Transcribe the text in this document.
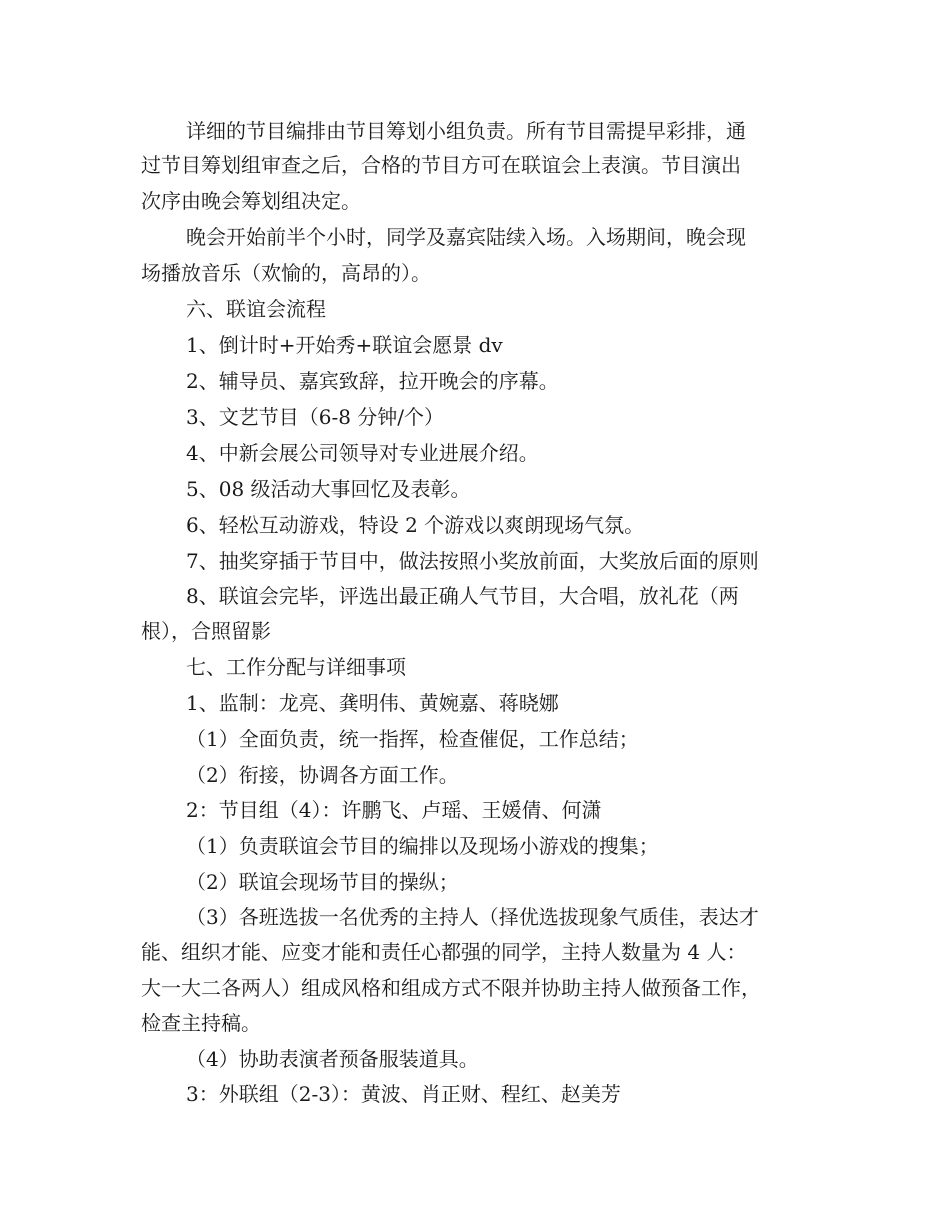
详细的节目编排由节目筹划小组负责。所有节目需提早彩排，通
过节目筹划组审查之后，合格的节目方可在联谊会上表演。节目演出
次序由晚会筹划组决定。
晚会开始前半个小时，同学及嘉宾陆续入场。入场期间，晚会现
场播放音乐（欢愉的，高昂的）。
六、联谊会流程
1、倒计时+开始秀+联谊会愿景 dv
2、辅导员、嘉宾致辞，拉开晚会的序幕。
3、文艺节目（6-8 分钟/个）
4、中新会展公司领导对专业进展介绍。
5、08 级活动大事回忆及表彰。
6、轻松互动游戏，特设 2 个游戏以爽朗现场气氛。
7、抽奖穿插于节目中，做法按照小奖放前面，大奖放后面的原则
8、联谊会完毕，评选出最正确人气节目，大合唱，放礼花（两
根），合照留影
七、工作分配与详细事项
1、监制：龙亮、龚明伟、黄婉嘉、蒋晓娜
（1）全面负责，统一指挥，检查催促，工作总结；
（2）衔接，协调各方面工作。
2：节目组（4）：许鹏飞、卢瑶、王媛倩、何潇
（1）负责联谊会节目的编排以及现场小游戏的搜集；
（2）联谊会现场节目的操纵；
（3）各班选拔一名优秀的主持人（择优选拔现象气质佳，表达才
能、组织才能、应变才能和责任心都强的同学，主持人数量为 4 人：
大一大二各两人）组成风格和组成方式不限并协助主持人做预备工作，
检查主持稿。
（4）协助表演者预备服装道具。
3：外联组（2-3）：黄波、肖正财、程红、赵美芳
